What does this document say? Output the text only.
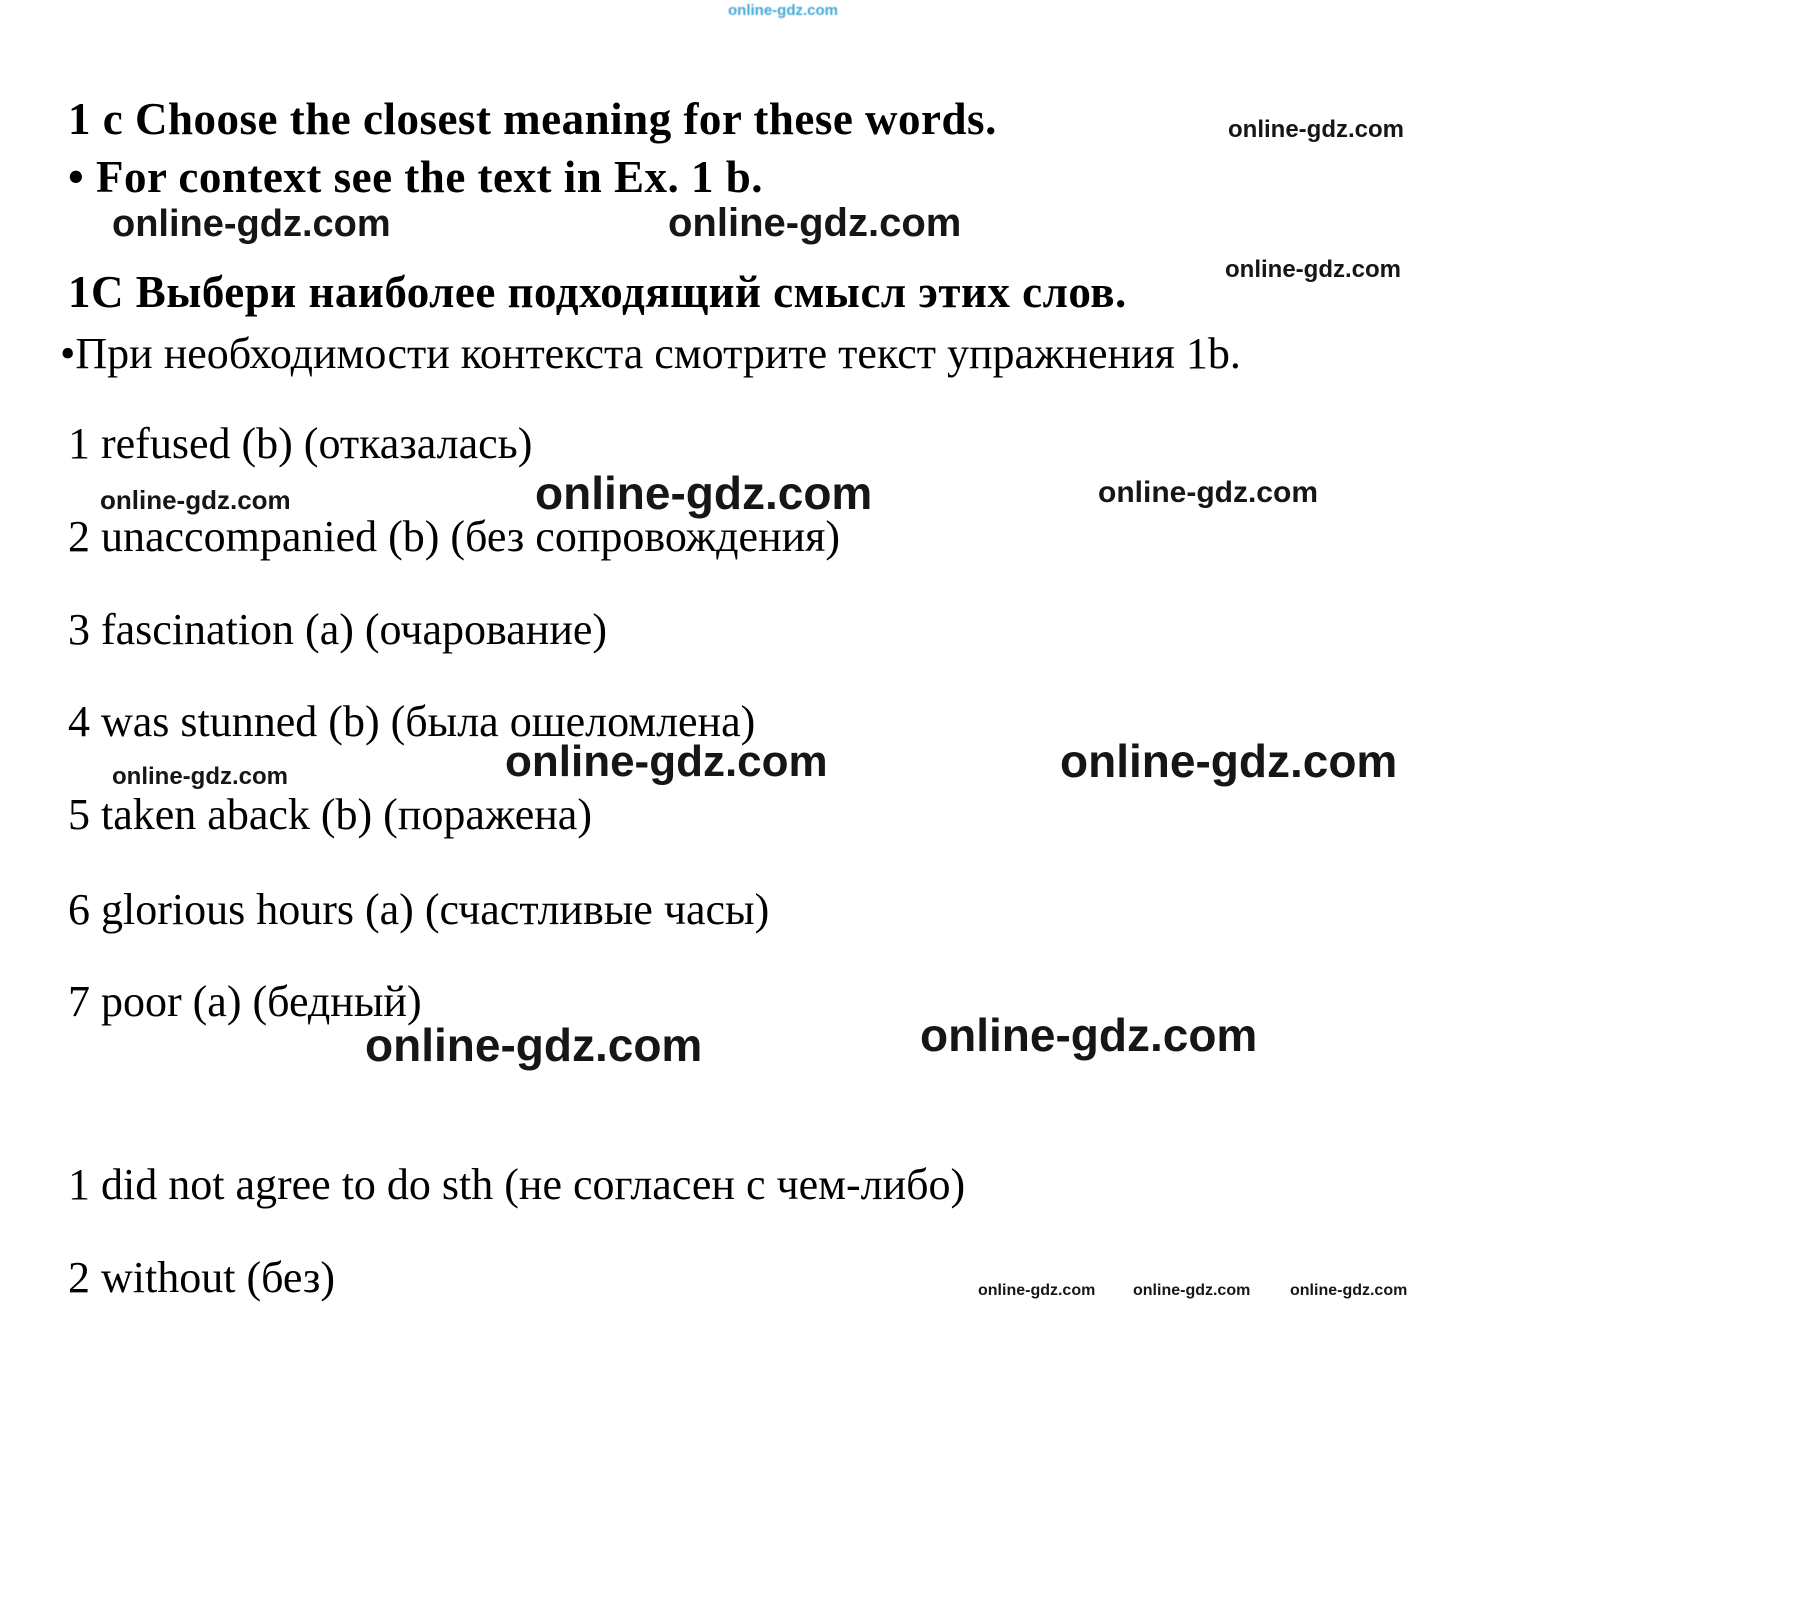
online-gdz.com
1 c Choose the closest meaning for these words.	online-gdz.com
• For context see the text in Ex. 1 b.
online-gdz.com	online-gdz.com
1С Выбери наиболее подходящий смысл этих слов.	online-gdz.com
•При необходимости контекста смотрите текст упражнения 1b.
1 refused (b) (отказалась)
online-gdz.com	online-gdz.com	online-gdz.com
2 unaccompanied (b) (без сопровождения)
3 fascination (a) (очарование)
4 was stunned (b) (была ошеломлена)
online-gdz.com	online-gdz.com	online-gdz.com
5 taken aback (b) (поражена)
6 glorious hours (a) (счастливые часы)
7 poor (a) (бедный)
online-gdz.com	online-gdz.com
1 did not agree to do sth (не согласен с чем-либо)
2 without (без)	online-gdz.com online-gdz.com online-gdz.com
